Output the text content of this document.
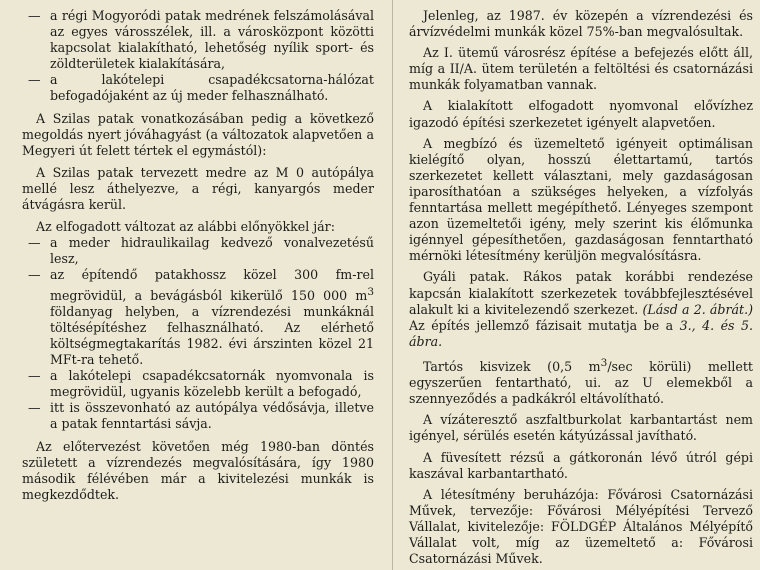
— a régi Mogyoródi patak medrének felszámolásával az egyes városszélek, ill. a városközpont közötti kapcsolat kialakítható, lehetőség nyílik sport- és zöldterületek kialakítására,
— a lakótelepi csapadékcsatorna-hálózat befogadójaként az új meder felhasználható.

A Szilas patak vonatkozásában pedig a következő megoldás nyert jóváhagyást (a változatok alapvetően a Megyeri út felett tértek el egymástól):

A Szilas patak tervezett medre az M 0 autópálya mellé lesz áthelyezve, a régi, kanyargós meder átvágásra kerül.

Az elfogadott változat az alábbi előnyökkel jár:

— a meder hidraulikailag kedvező vonalvezetésű lesz,
— az építendő patakhossz közel 300 fm-rel megrövidül, a bevágásból kikerülő 150 000 $m^3$ földanyag helyben, a vízrendezési munkáknál töltésépítéshez felhasználható. Az elérhető költségmegtakarítás 1982. évi árszinten közel 21 MFt-ra tehető.
— a lakótelepi csapadékcsatornák nyomvonala is megrövidül, ugyanis közelebb került a befogadó,
— itt is összevonható az autópálya védősávja, illetve a patak fenntartási sávja.

Az előtervezést követően még 1980-ban döntés született a vízrendezés megvalósítására, így 1980 második félévében már a kivitelezési munkák is megkezdődtek.

Jelenleg, az 1987. év közepén a vízrendezési és árvízvédelmi munkák közel 75%-ban megvalósultak.

Az I. ütemű városrész építése a befejezés előtt áll, míg a II/A. ütem területén a feltöltési és csatornázási munkák folyamatban vannak.

A kialakított elfogadott nyomvonal elővízhez igazodó építési szerkezetet igényelt alapvetően.

A megbízó és üzemeltető igényeit optimálisan kielégítő olyan, hosszú élettartamú, tartós szerkezetet kellett választani, mely gazdaságosan iparosíthatóan a szükséges helyeken, a vízfolyás fenntartása mellett megépíthető. Lényeges szempont azon üzemeltetői igény, mely szerint kis élőmunka igénnyel gépesíthetően, gazdaságosan fenntartható mérnöki létesítmény kerüljön megvalósításra.

Gyáli patak. Rákos patak korábbi rendezése kapcsán kialakított szerkezetek továbbfejlesztésével alakult ki a kivitelezendő szerkezet. (Lásd a 2. ábrát.) Az építés jellemző fázisait mutatja be a 3., 4. és 5. ábra.

Tartós kisvizek (0,5 $m^3/\sec$ körüli) mellett egyszerűen fentartható, ui. az U elemekből a szennyeződés a padkákról eltávolítható.

A vízáteresztő aszfaltburkolat karbantartást nem igényel, sérülés esetén kátyúzással javítható.

A füvesített rézsű a gátkoronán lévő útról gépi kaszával karbantartható.

A létesítmény beruházója: Fővárosi Csatornázási Művek, tervezője: Fővárosi Mélyépítési Tervező Vállalat, kivitelezője: FÖLDGÉP Általános Mélyépítő Vállalat volt, míg az üzemeltető a: Fővárosi Csatornázási Művek.
